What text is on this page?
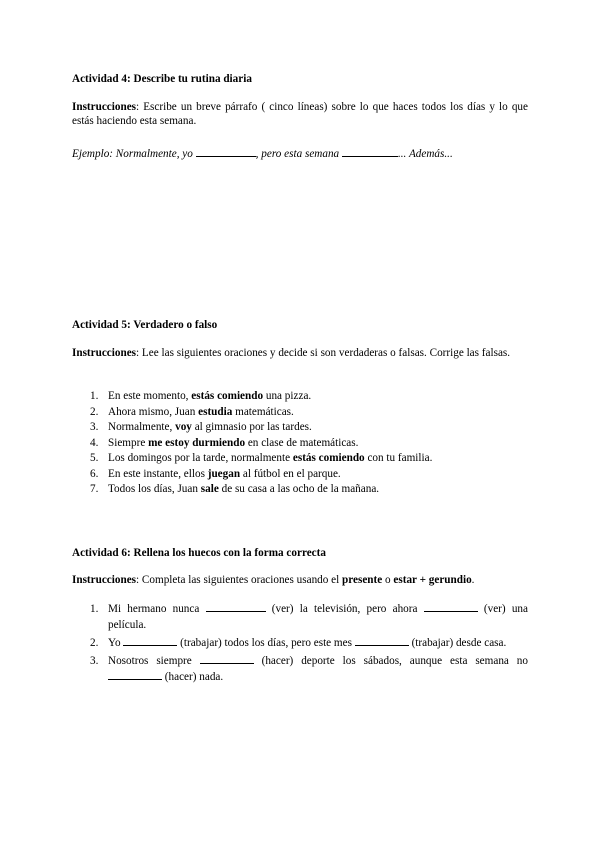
Actividad 4: Describe tu rutina diaria
Instrucciones: Escribe un breve párrafo ( cinco líneas) sobre lo que haces todos los días y lo que estás haciendo esta semana.
Ejemplo: Normalmente, yo	, pero esta semana	... Además...
Actividad 5: Verdadero o falso
Instrucciones: Lee las siguientes oraciones y decide si son verdaderas o falsas. Corrige las falsas.
1. En este momento, estás comiendo una pizza.
2. Ahora mismo, Juan estudia matemáticas.
3. Normalmente, voy al gimnasio por las tardes.
4. Siempre me estoy durmiendo en clase de matemáticas.
5. Los domingos por la tarde, normalmente estás comiendo con tu familia.
6. En este instante, ellos juegan al fútbol en el parque.
7. Todos los días, Juan sale de su casa a las ocho de la mañana.
Actividad 6: Rellena los huecos con la forma correcta
Instrucciones: Completa las siguientes oraciones usando el presente o estar + gerundio.
1. Mi hermano nunca	(ver) la televisión, pero ahora	(ver) una película.
2. Yo	(trabajar) todos los días, pero este mes	(trabajar) desde casa.
3. Nosotros siempre	(hacer) deporte los sábados, aunque esta semana no  (hacer) nada.
